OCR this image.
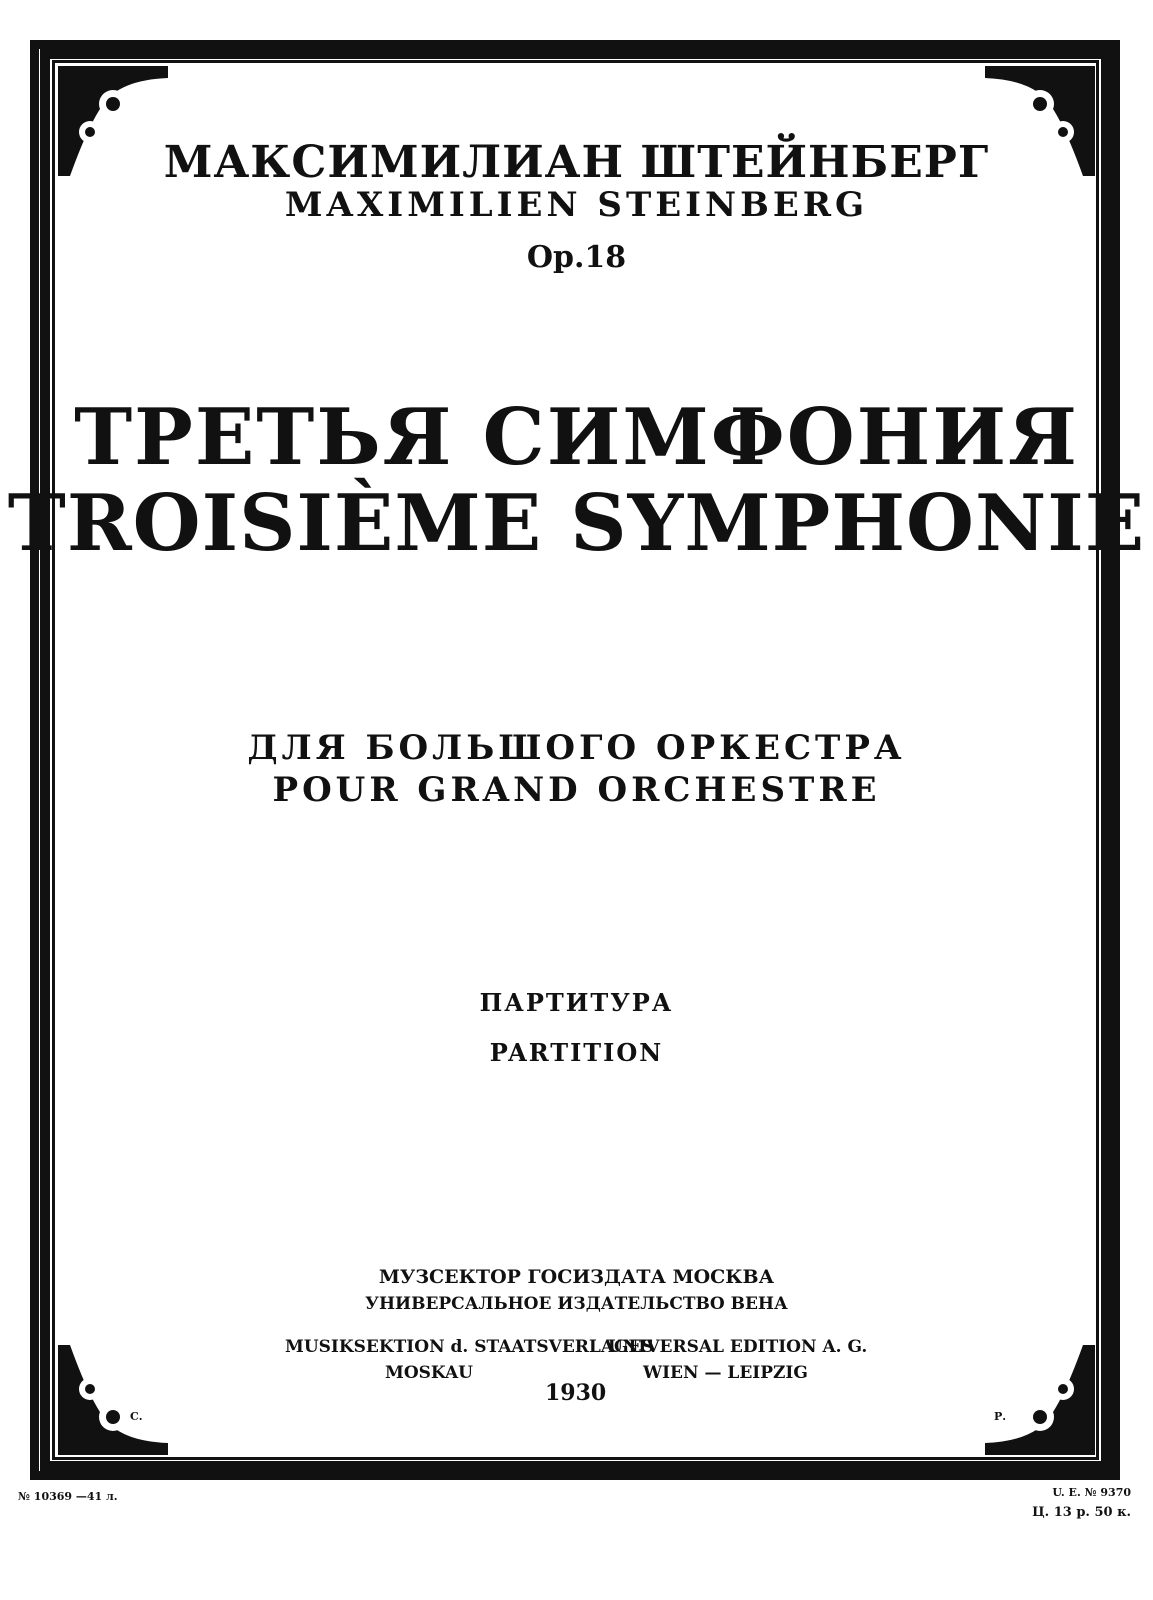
МАКСИМИЛИАН ШТЕЙНБЕРГ
MAXIMILIEN STEINBERG
Op.18
ТРЕТЬЯ СИМФОНИЯ
TROISIÈME SYMPHONIE
ДЛЯ БОЛЬШОГО ОРКЕСТРА
POUR GRAND ORCHESTRE
ПАРТИТУРА
PARTITION
МУЗСЕКТОР ГОСИЗДАТА МОСКВА
УНИВЕРСАЛЬНОЕ ИЗДАТЕЛЬСТВО ВЕНА
MUSIKSEKTION d. STAATSVERLAGES
UNIVERSAL EDITION A. G.
MOSKAU	WIEN — LEIPZIG
1930
С.	Р.
№ 10369 —41 л.	U. E. № 9370
Ц. 13 р. 50 к.
